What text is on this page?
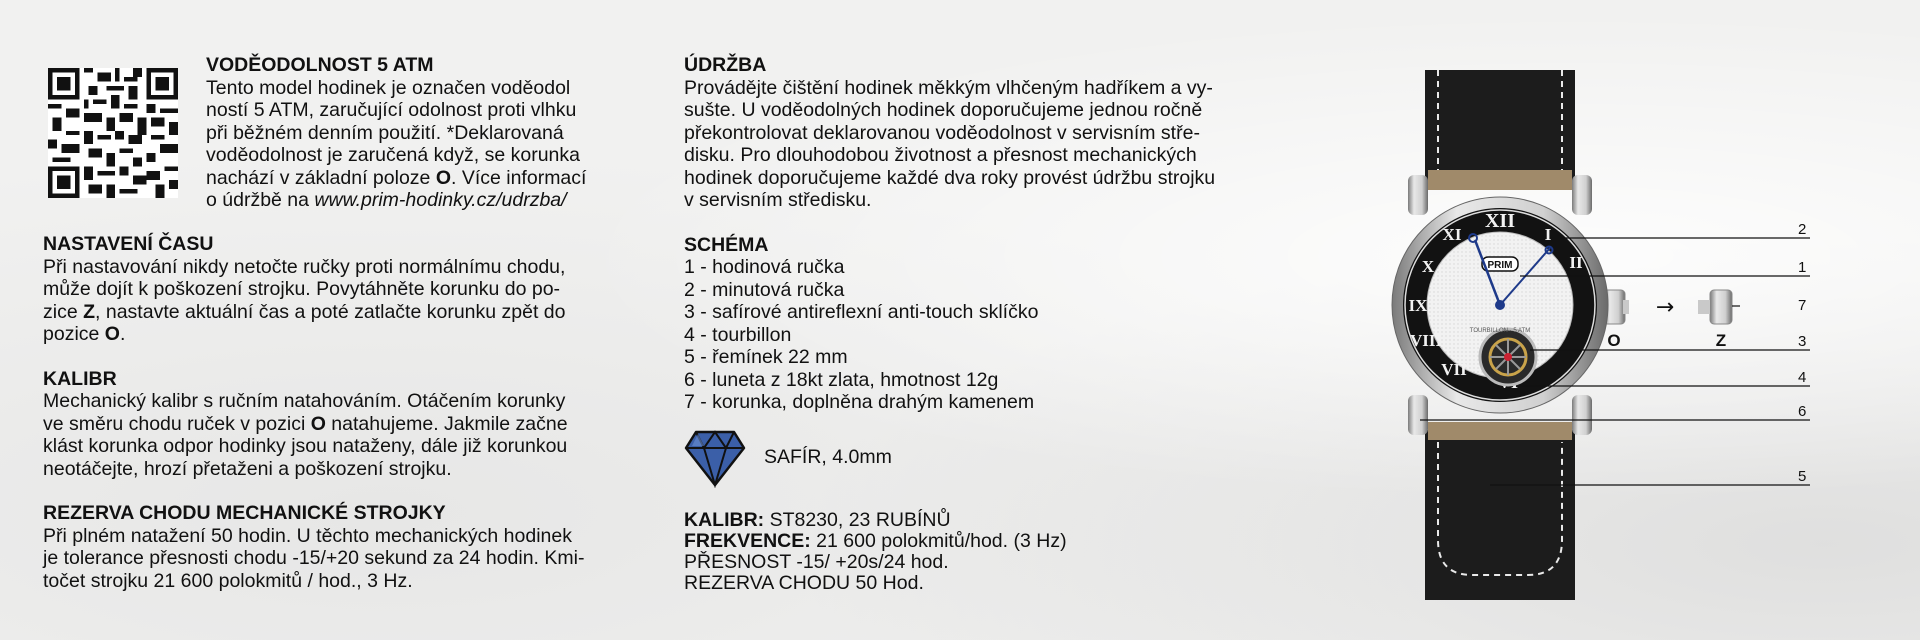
VODĚODOLNOST 5 ATM

Tento model hodinek je označen voděodol

ností 5 ATM, zaručující odolnost proti vlhku

při běžném denním použití. *Deklarovaná

voděodolnost je zaručená když, se korunka

nachází v základní poloze O. Více informací

o údržbě na www.prim-hodinky.cz/udrzba/

NASTAVENÍ ČASU

Při nastavování nikdy netočte ručky proti normálnímu chodu,

může dojít k poškození strojku. Povytáhněte korunku do po-

zice Z, nastavte aktuální čas a poté zatlačte korunku zpět do

pozice O.

KALIBR

Mechanický kalibr s ručním natahováním. Otáčením korunky

ve směru chodu ruček v pozici O natahujeme. Jakmile začne

klást korunka odpor hodinky jsou nataženy, dále již korunkou

neotáčejte, hrozí přetaženi a poškození strojku.

REZERVA CHODU MECHANICKÉ STROJKY

Při plném natažení 50 hodin. U těchto mechanických hodinek

je tolerance přesnosti chodu -15/+20 sekund za 24 hodin. Kmi-

točet strojku 21 600 polokmitů / hod., 3 Hz.

ÚDRŽBA

Provádějte čištění hodinek měkkým vlhčeným hadříkem a vy-

sušte. U voděodolných hodinek doporučujeme jednou ročně

překontrolovat deklarovanou voděodolnost v servisním stře-

disku. Pro dlouhodobou životnost a přesnost mechanických

hodinek doporučujeme každé dva roky provést údržbu strojku

v servisním středisku.

SCHÉMA

1 - hodinová ručka

2 - minutová ručka

3 - safírové antireflexní anti-touch sklíčko

4 - tourbillon

5 - řemínek 22 mm

6 - luneta z 18kt zlata, hmotnost 12g

7 - korunka, doplněna drahým kamenem

SAFÍR, 4.0mm
KALIBR: ST8230, 23 RUBÍNŮ
FREKVENCE: 21 600 polokmitů/hod. (3 Hz)
PŘESNOST -15/ +20s/24 hod.
REZERVA CHODU 50 Hod.
XII
I
II
VII
VIII
IX
X
XI
PRIM
TOURBILLON · 5 ATM
→
2
1
7
3
4
6
5
O	Z
